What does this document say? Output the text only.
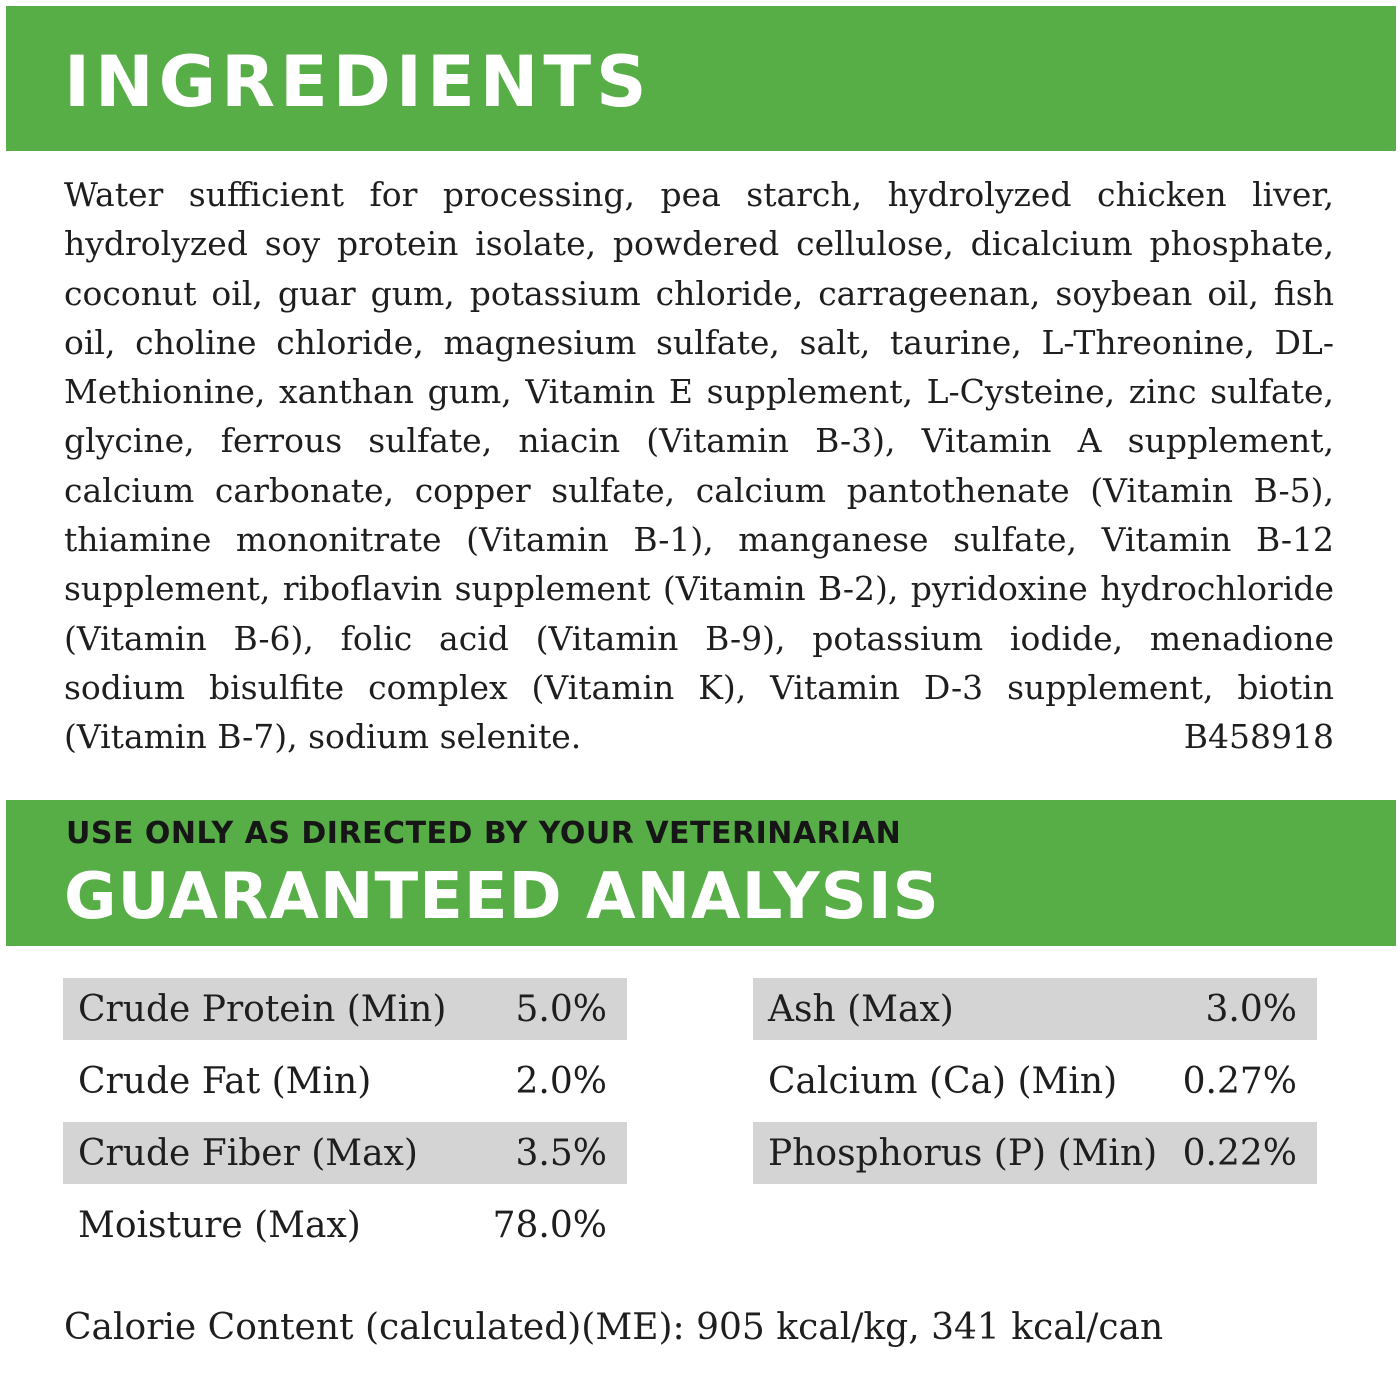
INGREDIENTS

Water sufficient for processing, pea starch, hydrolyzed chicken liver, hydrolyzed soy protein isolate, powdered cellulose, dicalcium phosphate, coconut oil, guar gum, potassium chloride, carrageenan, soybean oil, fish oil, choline chloride, magnesium sulfate, salt, taurine, L-Threonine, DL-Methionine, xanthan gum, Vitamin E supplement, L-Cysteine, zinc sulfate, glycine, ferrous sulfate, niacin (Vitamin B-3), Vitamin A supplement, calcium carbonate, copper sulfate, calcium pantothenate (Vitamin B-5), thiamine mononitrate (Vitamin B-1), manganese sulfate, Vitamin B-12 supplement, riboflavin supplement (Vitamin B-2), pyridoxine hydrochloride (Vitamin B-6), folic acid (Vitamin B-9), potassium iodide, menadione sodium bisulfite complex (Vitamin K), Vitamin D-3 supplement, biotin (Vitamin B-7), sodium selenite.	B458918

USE ONLY AS DIRECTED BY YOUR VETERINARIAN

GUARANTEED ANALYSIS
Crude Protein (Min) 5.0%
Crude Fat (Min)	2.0%
Crude Fiber (Max)	3.5%
Moisture (Max)	78.0%
Ash (Max)	3.0%
Calcium (Ca) (Min) 0.27%
Phosphorus (P) (Min) 0.22%

Calorie Content (calculated)(ME): 905 kcal/kg, 341 kcal/can
